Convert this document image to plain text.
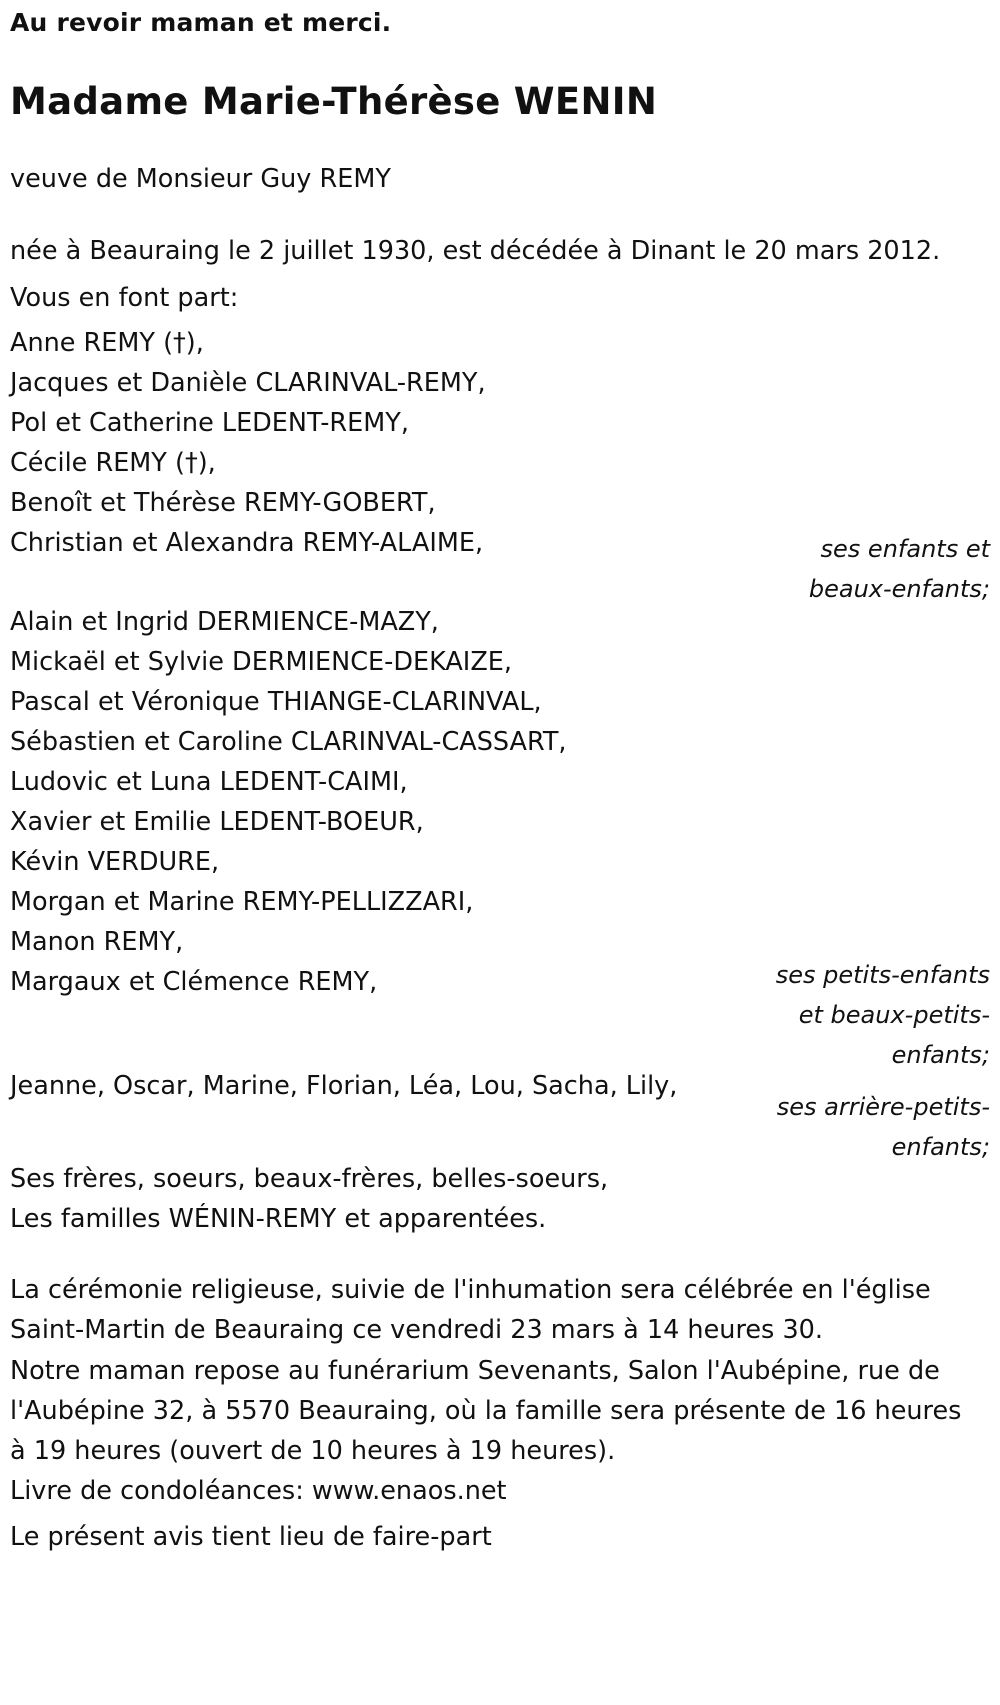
Au revoir maman et merci.
Madame Marie-Thérèse WENIN
veuve de Monsieur Guy REMY
née à Beauraing le 2 juillet 1930, est décédée à Dinant le 20 mars 2012.
Vous en font part:
Anne REMY (†),
Jacques et Danièle CLARINVAL-REMY,
Pol et Catherine LEDENT-REMY,
Cécile REMY (†),
Benoît et Thérèse REMY-GOBERT,
Christian et Alexandra REMY-ALAIME,	ses enfants et
beaux-enfants;
Alain et Ingrid DERMIENCE-MAZY,
Mickaël et Sylvie DERMIENCE-DEKAIZE,
Pascal et Véronique THIANGE-CLARINVAL,
Sébastien et Caroline CLARINVAL-CASSART,
Ludovic et Luna LEDENT-CAIMI,
Xavier et Emilie LEDENT-BOEUR,
Kévin VERDURE,
Morgan et Marine REMY-PELLIZZARI,
Manon REMY,
Margaux et Clémence REMY,	ses petits-enfants
et beaux-petits-
enfants;
Jeanne, Oscar, Marine, Florian, Léa, Lou, Sacha, Lily,
ses arrière-petits-
enfants;
Ses frères, soeurs, beaux-frères, belles-soeurs,
Les familles WÉNIN-REMY et apparentées.
La cérémonie religieuse, suivie de l'inhumation sera célébrée en l'église
Saint-Martin de Beauraing ce vendredi 23 mars à 14 heures 30.
Notre maman repose au funérarium Sevenants, Salon l'Aubépine, rue de
l'Aubépine 32, à 5570 Beauraing, où la famille sera présente de 16 heures
à 19 heures (ouvert de 10 heures à 19 heures).
Livre de condoléances: www.enaos.net
Le présent avis tient lieu de faire-part
